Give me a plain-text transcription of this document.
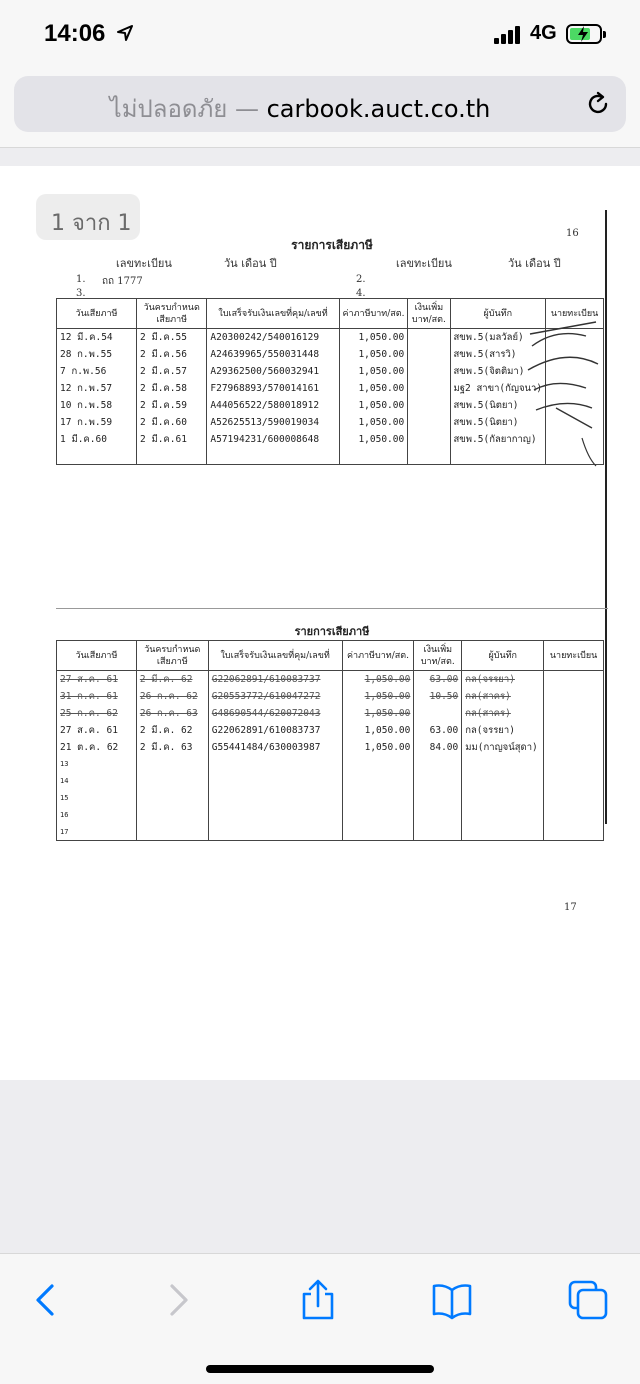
14:06	4G
ไม่ปลอดภัย — carbook.auct.co.th
1 จาก 1	16
รายการเสียภาษี
เลขทะเบียน	วัน เดือน ปี	เลขทะเบียน	วัน เดือน ปี
1. ถถ 1777	2.
3.	4.
วันเสียภาษี	วันครบกำหนดเสียภาษี	ใบเสร็จรับเงินเลขที่คุม/เลขที่	ค่าภาษีบาท/สต.	เงินเพิ่มบาท/สต.	ผู้บันทึก	นายทะเบียน
12 มี.ค.54	2 มี.ค.55	A20300242/540016129	1,050.00		สขพ.5(มลวัลย์)	
28 ก.พ.55	2 มี.ค.56	A24639965/550031448	1,050.00		สขพ.5(สารวิ)	
7 ก.พ.56	2 มี.ค.57	A29362500/560032941	1,050.00		สขพ.5(จิตติมา)	
12 ก.พ.57	2 มี.ค.58	F27968893/570014161	1,050.00		มฐ2 สาขา(กัญจนา)	
10 ก.พ.58	2 มี.ค.59	A44056522/580018912	1,050.00		สขพ.5(นิตยา)	
17 ก.พ.59	2 มี.ค.60	A52625513/590019034	1,050.00		สขพ.5(นิตยา)	
1 มี.ค.60	2 มี.ค.61	A57194231/600008648	1,050.00		สขพ.5(กัลยากาญ)	

รายการเสียภาษี
วันเสียภาษี	วันครบกำหนดเสียภาษี	ใบเสร็จรับเงินเลขที่คุม/เลขที่	ค่าภาษีบาท/สต.	เงินเพิ่มบาท/สต.	ผู้บันทึก	นายทะเบียน
27 ส.ค. 61	2 มี.ค. 62	G22062891/610083737	1,050.00	63.00	กล(จรรยา)	
31 ก.ค. 61	26 ก.ค. 62	G20553772/610047272	1,050.00	10.50	กล(สาคร)	
25 ก.ค. 62	26 ก.ค. 63	G48690544/620072043	1,050.00		กล(สาคร)	
27 ส.ค. 61	2 มี.ค. 62	G22062891/610083737	1,050.00	63.00	กล(จรรยา)	
21 ต.ค. 62	2 มี.ค. 63	G55441484/630003987	1,050.00	84.00	มม(กาญจน์สุดา)	
13						
14						
15						
16						
17						
17
